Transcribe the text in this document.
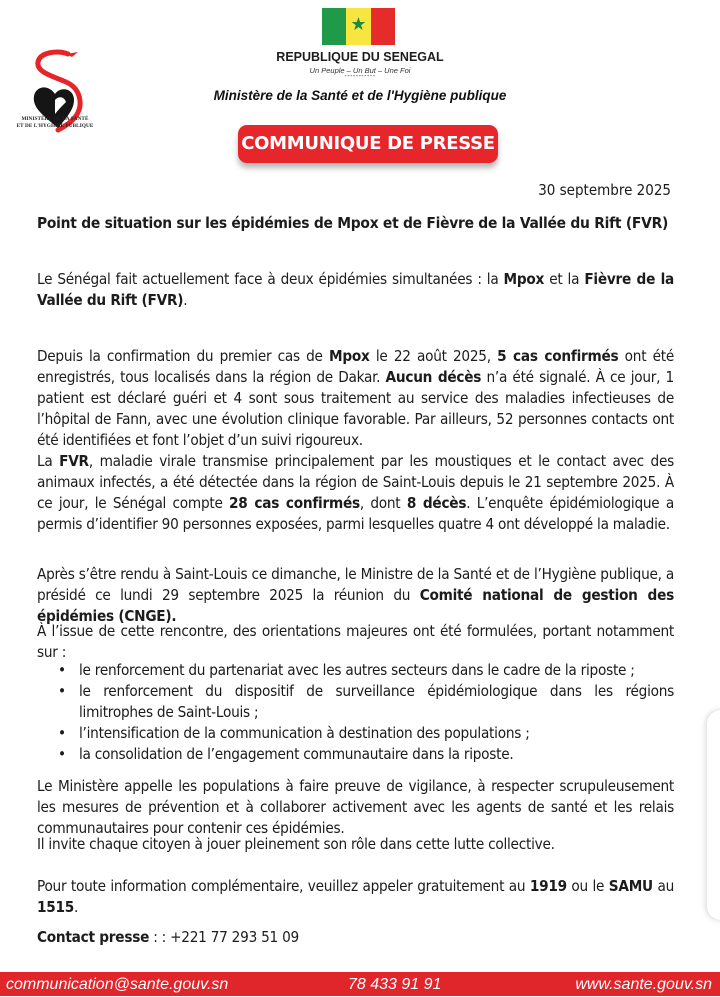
★
MINISTÈRE DE LA SANTÉ
ET DE L'HYGIÈNE PUBLIQUE
REPUBLIQUE DU SENEGAL
Un Peuple – Un But – Une Foi
-----------
Ministère de la Santé et de l'Hygiène publique
COMMUNIQUE DE PRESSE
30 septembre 2025
Point de situation sur les épidémies de Mpox et de Fièvre de la Vallée du Rift (FVR)
Le Sénégal fait actuellement face à deux épidémies simultanées : la Mpox et la Fièvre de la Vallée du Rift (FVR).
Depuis la confirmation du premier cas de Mpox le 22 août 2025, 5 cas confirmés ont été enregistrés, tous localisés dans la région de Dakar. Aucun décès n’a été signalé. À ce jour, 1 patient est déclaré guéri et 4 sont sous traitement au service des maladies infectieuses de l’hôpital de Fann, avec une évolution clinique favorable. Par ailleurs, 52 personnes contacts ont été identifiées et font l’objet d’un suivi rigoureux.
La FVR, maladie virale transmise principalement par les moustiques et le contact avec des animaux infectés, a été détectée dans la région de Saint-Louis depuis le 21 septembre 2025. À ce jour, le Sénégal compte 28 cas confirmés, dont 8 décès. L’enquête épidémiologique a permis d’identifier 90 personnes exposées, parmi lesquelles quatre 4 ont développé la maladie.
Après s’être rendu à Saint-Louis ce dimanche, le Ministre de la Santé et de l’Hygiène publique, a présidé ce lundi 29 septembre 2025 la réunion du Comité national de gestion des épidémies (CNGE).
À l’issue de cette rencontre, des orientations majeures ont été formulées, portant notamment sur :
• le renforcement du partenariat avec les autres secteurs dans le cadre de la riposte ;
• le renforcement du dispositif de surveillance épidémiologique dans les régions limitrophes de Saint-Louis ;
• l’intensification de la communication à destination des populations ;
• la consolidation de l’engagement communautaire dans la riposte.
Le Ministère appelle les populations à faire preuve de vigilance, à respecter scrupuleusement les mesures de prévention et à collaborer activement avec les agents de santé et les relais communautaires pour contenir ces épidémies.
Il invite chaque citoyen à jouer pleinement son rôle dans cette lutte collective.
Pour toute information complémentaire, veuillez appeler gratuitement au 1919 ou le SAMU au 1515.
Contact presse : : +221 77 293 51 09
communication@sante.gouv.sn	78 433 91 91	www.sante.gouv.sn
